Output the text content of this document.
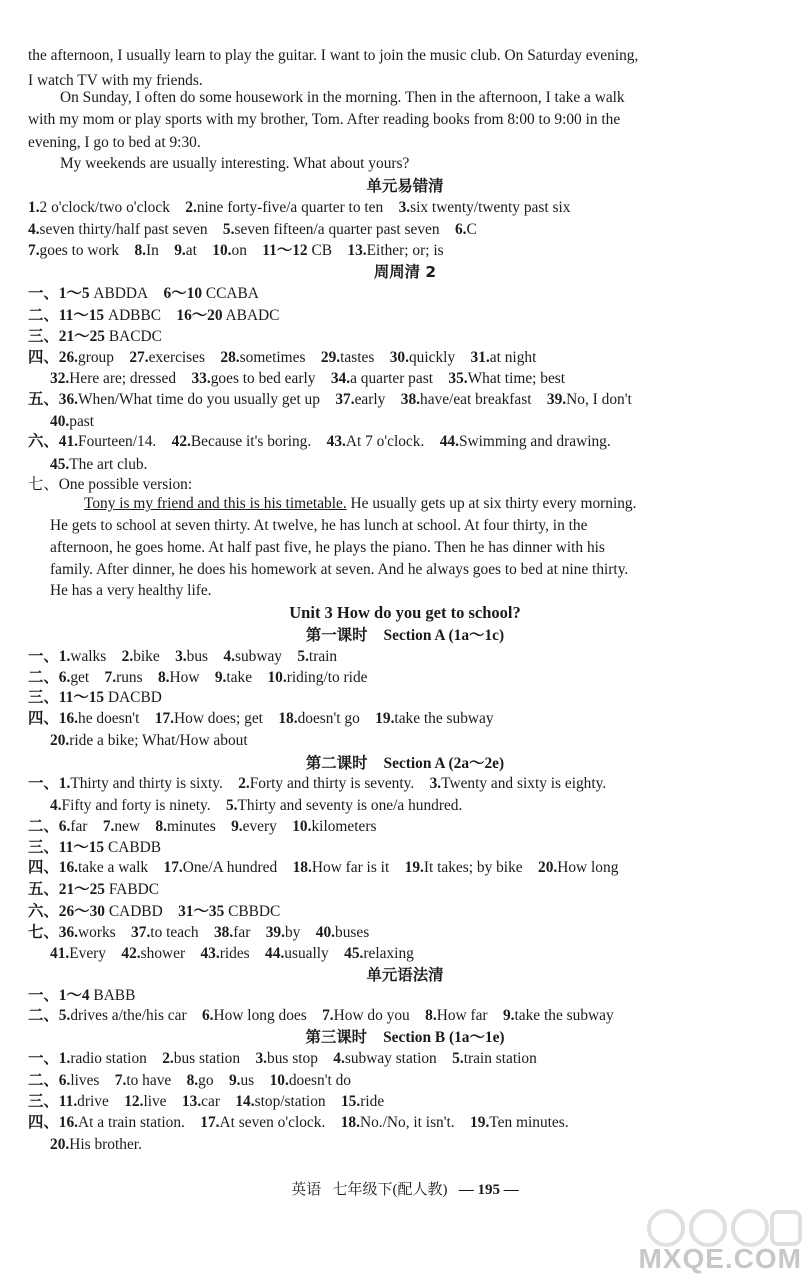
the afternoon, I usually learn to play the guitar. I want to join the music club. On Saturday evening,
I watch TV with my friends.
On Sunday, I often do some housework in the morning. Then in the afternoon, I take a walk
with my mom or play sports with my brother, Tom. After reading books from 8:00 to 9:00 in the
evening, I go to bed at 9:30.
My weekends are usually interesting. What about yours?
单元易错清
1.2 o'clock/two o'clock   2.nine forty-five/a quarter to ten   3.six twenty/twenty past six
4.seven thirty/half past seven   5.seven fifteen/a quarter past seven   6.C
7.goes to work   8.In   9.at   10.on   11～12 CB   13.Either; or; is
周周清 2
一、1～5 ABDDA   6～10 CCABA
二、11～15 ADBBC   16～20 ABADC
三、21～25 BACDC
四、26.group   27.exercises   28.sometimes   29.tastes   30.quickly   31.at night
32.Here are; dressed   33.goes to bed early   34.a quarter past   35.What time; best
五、36.When/What time do you usually get up   37.early   38.have/eat breakfast   39.No, I don't
40.past
六、41.Fourteen/14.   42.Because it's boring.   43.At 7 o'clock.   44.Swimming and drawing.
45.The art club.
七、One possible version:
Tony is my friend and this is his timetable. He usually gets up at six thirty every morning.
He gets to school at seven thirty. At twelve, he has lunch at school. At four thirty, in the
afternoon, he goes home. At half past five, he plays the piano. Then he has dinner with his
family. After dinner, he does his homework at seven. And he always goes to bed at nine thirty.
He has a very healthy life.
Unit 3 How do you get to school?
第一课时 Section A (1a～1c)
一、1.walks   2.bike   3.bus   4.subway   5.train
二、6.get   7.runs   8.How   9.take   10.riding/to ride
三、11～15 DACBD
四、16.he doesn't   17.How does; get   18.doesn't go   19.take the subway
20.ride a bike; What/How about
第二课时 Section A (2a～2e)
一、1.Thirty and thirty is sixty.   2.Forty and thirty is seventy.   3.Twenty and sixty is eighty.
4.Fifty and forty is ninety.   5.Thirty and seventy is one/a hundred.
二、6.far   7.new   8.minutes   9.every   10.kilometers
三、11～15 CABDB
四、16.take a walk   17.One/A hundred   18.How far is it   19.It takes; by bike   20.How long
五、21～25 FABDC
六、26～30 CADBD   31～35 CBBDC
七、36.works   37.to teach   38.far   39.by   40.buses
41.Every   42.shower   43.rides   44.usually   45.relaxing
单元语法清
一、1～4 BABB
二、5.drives a/the/his car   6.How long does   7.How do you   8.How far   9.take the subway
第三课时 Section B (1a～1e)
一、1.radio station   2.bus station   3.bus stop   4.subway station   5.train station
二、6.lives   7.to have   8.go   9.us   10.doesn't do
三、11.drive   12.live   13.car   14.stop/station   15.ride
四、16.At a train station.   17.At seven o'clock.   18.No./No, it isn't.   19.Ten minutes.
20.His brother.
英语 七年级下(配人教) — 195 —
MXQE.COM
